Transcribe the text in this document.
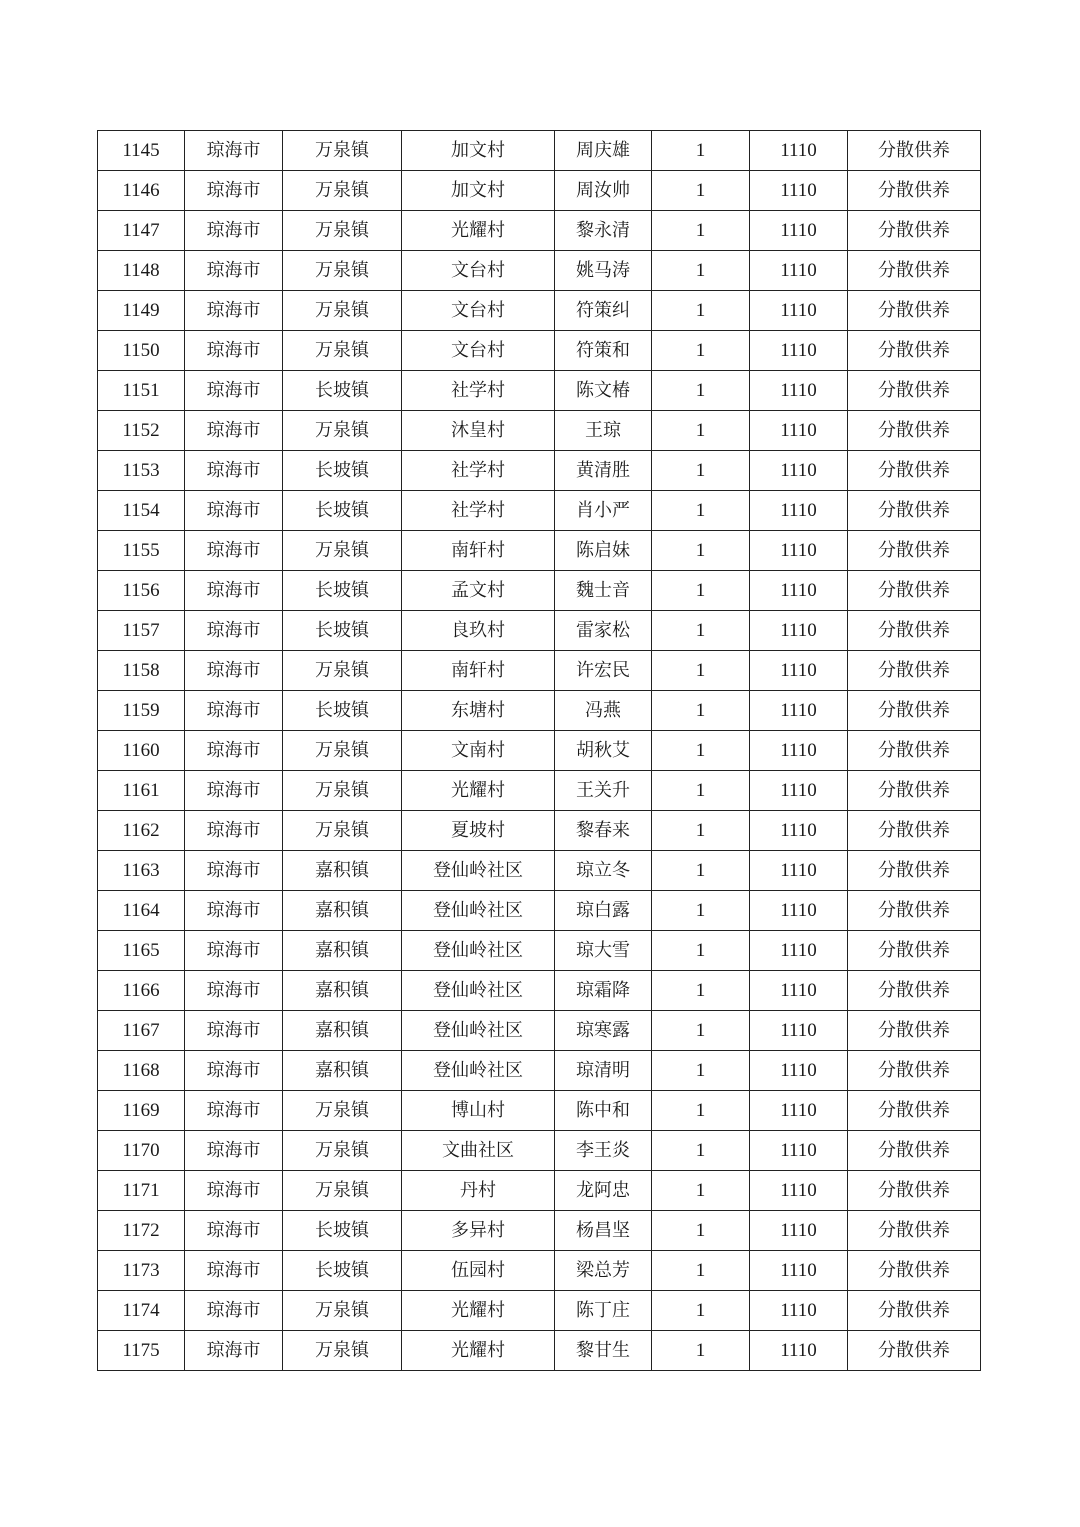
1145	琼海市	万泉镇	加文村	周庆雄	1	1110	分散供养
1146	琼海市	万泉镇	加文村	周汝帅	1	1110	分散供养
1147	琼海市	万泉镇	光耀村	黎永清	1	1110	分散供养
1148	琼海市	万泉镇	文台村	姚马涛	1	1110	分散供养
1149	琼海市	万泉镇	文台村	符策纠	1	1110	分散供养
1150	琼海市	万泉镇	文台村	符策和	1	1110	分散供养
1151	琼海市	长坡镇	社学村	陈文椿	1	1110	分散供养
1152	琼海市	万泉镇	沐皇村	王琼	1	1110	分散供养
1153	琼海市	长坡镇	社学村	黄清胜	1	1110	分散供养
1154	琼海市	长坡镇	社学村	肖小严	1	1110	分散供养
1155	琼海市	万泉镇	南轩村	陈启妹	1	1110	分散供养
1156	琼海市	长坡镇	孟文村	魏士音	1	1110	分散供养
1157	琼海市	长坡镇	良玖村	雷家松	1	1110	分散供养
1158	琼海市	万泉镇	南轩村	许宏民	1	1110	分散供养
1159	琼海市	长坡镇	东塘村	冯燕	1	1110	分散供养
1160	琼海市	万泉镇	文南村	胡秋艾	1	1110	分散供养
1161	琼海市	万泉镇	光耀村	王关升	1	1110	分散供养
1162	琼海市	万泉镇	夏坡村	黎春来	1	1110	分散供养
1163	琼海市	嘉积镇	登仙岭社区	琼立冬	1	1110	分散供养
1164	琼海市	嘉积镇	登仙岭社区	琼白露	1	1110	分散供养
1165	琼海市	嘉积镇	登仙岭社区	琼大雪	1	1110	分散供养
1166	琼海市	嘉积镇	登仙岭社区	琼霜降	1	1110	分散供养
1167	琼海市	嘉积镇	登仙岭社区	琼寒露	1	1110	分散供养
1168	琼海市	嘉积镇	登仙岭社区	琼清明	1	1110	分散供养
1169	琼海市	万泉镇	博山村	陈中和	1	1110	分散供养
1170	琼海市	万泉镇	文曲社区	李王炎	1	1110	分散供养
1171	琼海市	万泉镇	丹村	龙阿忠	1	1110	分散供养
1172	琼海市	长坡镇	多异村	杨昌坚	1	1110	分散供养
1173	琼海市	长坡镇	伍园村	梁总芳	1	1110	分散供养
1174	琼海市	万泉镇	光耀村	陈丁庄	1	1110	分散供养
1175	琼海市	万泉镇	光耀村	黎甘生	1	1110	分散供养
